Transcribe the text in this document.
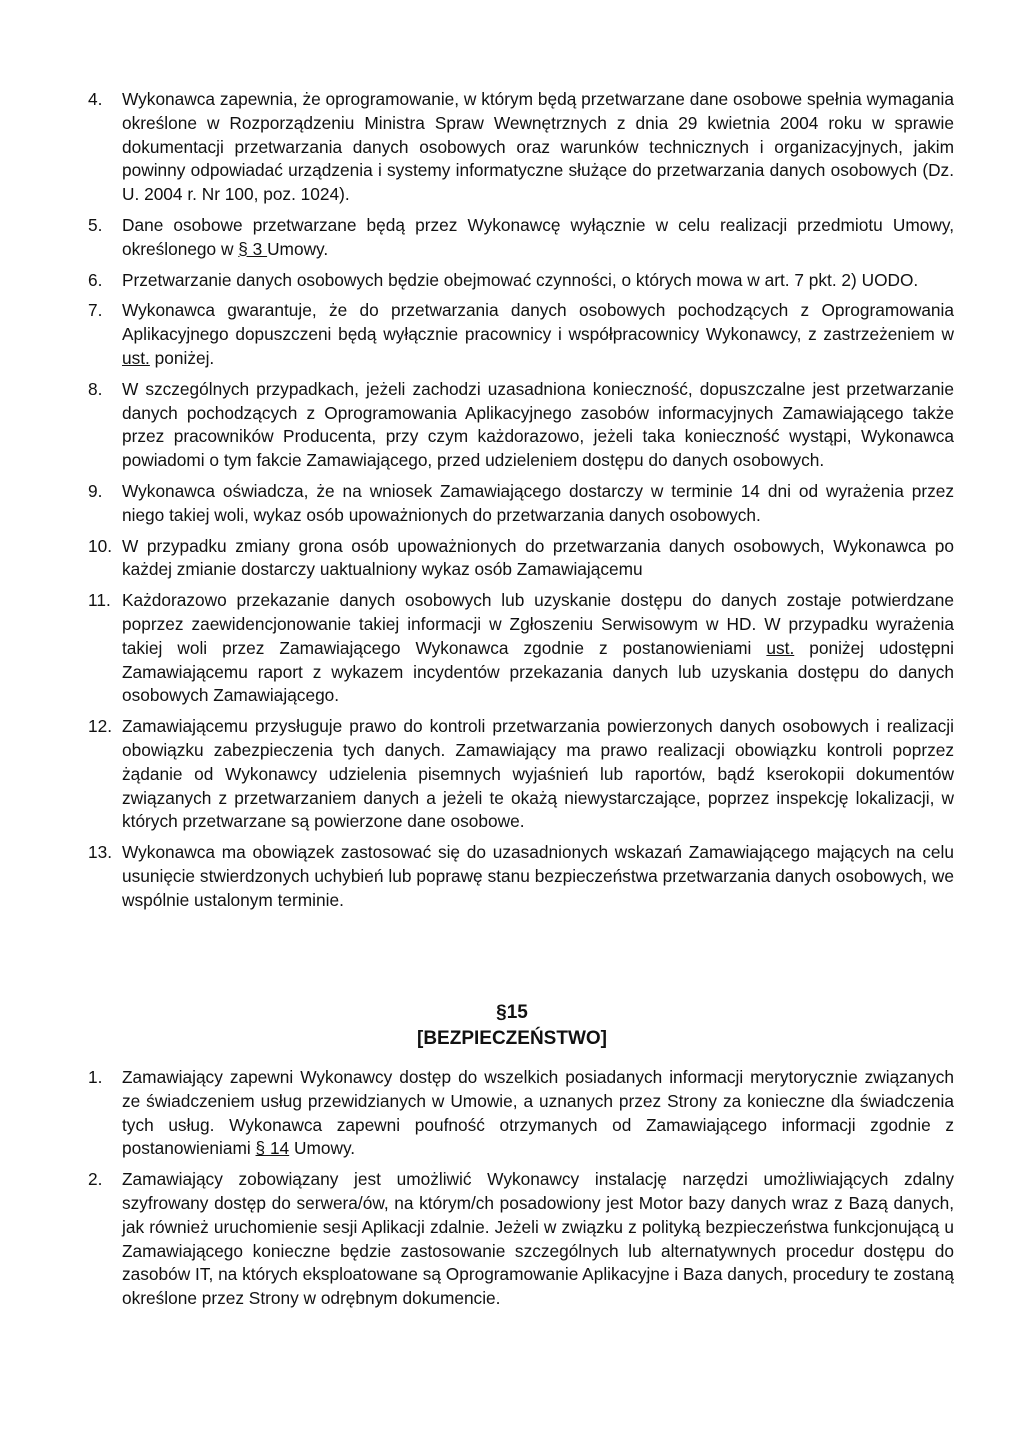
4. Wykonawca zapewnia, że oprogramowanie, w którym będą przetwarzane dane osobowe spełnia wymagania określone w Rozporządzeniu Ministra Spraw Wewnętrznych z dnia 29 kwietnia 2004 roku w sprawie dokumentacji przetwarzania danych osobowych oraz warunków technicznych i organizacyjnych, jakim powinny odpowiadać urządzenia i systemy informatyczne służące do przetwarzania danych osobowych (Dz. U. 2004 r. Nr 100, poz. 1024).
5. Dane osobowe przetwarzane będą przez Wykonawcę wyłącznie w celu realizacji przedmiotu Umowy, określonego w § 3 Umowy.
6. Przetwarzanie danych osobowych będzie obejmować czynności, o których mowa w art. 7 pkt. 2) UODO.
7. Wykonawca gwarantuje, że do przetwarzania danych osobowych pochodzących z Oprogramowania Aplikacyjnego dopuszczeni będą wyłącznie pracownicy i współpracownicy Wykonawcy, z zastrzeżeniem w ust. poniżej.
8. W szczególnych przypadkach, jeżeli zachodzi uzasadniona konieczność, dopuszczalne jest przetwarzanie danych pochodzących z Oprogramowania Aplikacyjnego zasobów informacyjnych Zamawiającego także przez pracowników Producenta, przy czym każdorazowo, jeżeli taka konieczność wystąpi, Wykonawca powiadomi o tym fakcie Zamawiającego, przed udzieleniem dostępu do danych osobowych.
9. Wykonawca oświadcza, że na wniosek Zamawiającego dostarczy w terminie 14 dni od wyrażenia przez niego takiej woli, wykaz osób upoważnionych do przetwarzania danych osobowych.
10. W przypadku zmiany grona osób upoważnionych do przetwarzania danych osobowych, Wykonawca po każdej zmianie dostarczy uaktualniony wykaz osób Zamawiającemu
11. Każdorazowo przekazanie danych osobowych lub uzyskanie dostępu do danych zostaje potwierdzane poprzez zaewidencjonowanie takiej informacji w Zgłoszeniu Serwisowym w HD. W przypadku wyrażenia takiej woli przez Zamawiającego Wykonawca zgodnie z postanowieniami ust. poniżej udostępni Zamawiającemu raport z wykazem incydentów przekazania danych lub uzyskania dostępu do danych osobowych Zamawiającego.
12. Zamawiającemu przysługuje prawo do kontroli przetwarzania powierzonych danych osobowych i realizacji obowiązku zabezpieczenia tych danych. Zamawiający ma prawo realizacji obowiązku kontroli poprzez żądanie od Wykonawcy udzielenia pisemnych wyjaśnień lub raportów, bądź kserokopii dokumentów związanych z przetwarzaniem danych a jeżeli te okażą niewystarczające, poprzez inspekcję lokalizacji, w których przetwarzane są powierzone dane osobowe.
13. Wykonawca ma obowiązek zastosować się do uzasadnionych wskazań Zamawiającego mających na celu usunięcie stwierdzonych uchybień lub poprawę stanu bezpieczeństwa przetwarzania danych osobowych, we wspólnie ustalonym terminie.
§15
[BEZPIECZEŃSTWO]
1. Zamawiający zapewni Wykonawcy dostęp do wszelkich posiadanych informacji merytorycznie związanych ze świadczeniem usług przewidzianych w Umowie, a uznanych przez Strony za konieczne dla świadczenia tych usług. Wykonawca zapewni poufność otrzymanych od Zamawiającego informacji zgodnie z postanowieniami § 14 Umowy.
2. Zamawiający zobowiązany jest umożliwić Wykonawcy instalację narzędzi umożliwiających zdalny szyfrowany dostęp do serwera/ów, na którym/ch posadowiony jest Motor bazy danych wraz z Bazą danych, jak również uruchomienie sesji Aplikacji zdalnie. Jeżeli w związku z polityką bezpieczeństwa funkcjonującą u Zamawiającego konieczne będzie zastosowanie szczególnych lub alternatywnych procedur dostępu do zasobów IT, na których eksploatowane są Oprogramowanie Aplikacyjne i Baza danych, procedury te zostaną określone przez Strony w odrębnym dokumencie.
